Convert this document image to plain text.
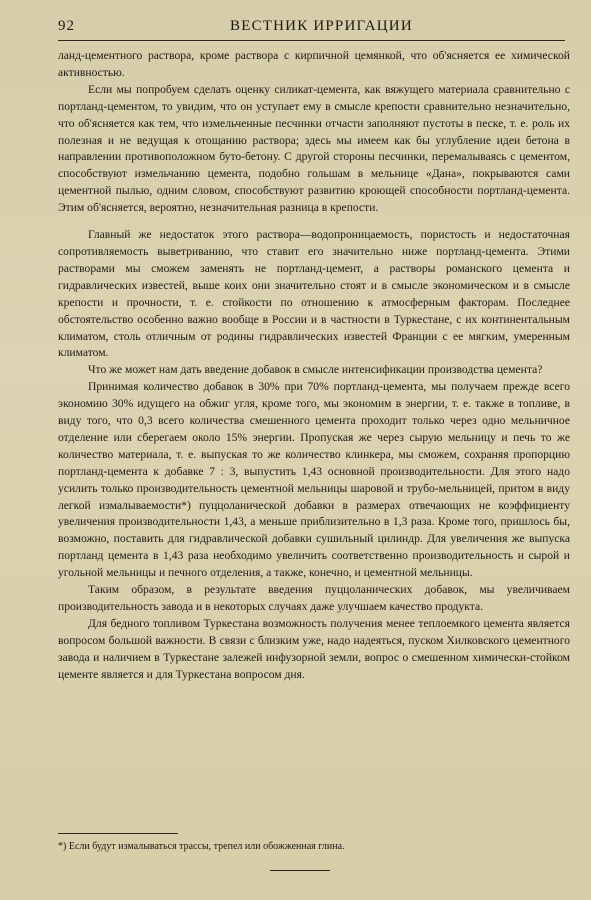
92	ВЕСТНИК ИРРИГАЦИИ

ланд-цементного раствора, кроме раствора с кирпичной цемянкой, что об'ясняется ее химической активностью.

Если мы попробуем сделать оценку силикат-цемента, как вяжущего материала сравнительно с портланд-цементом, то увидим, что он уступает ему в смысле крепости сравнительно незначительно, что об'ясняется как тем, что измельченные песчинки отчасти заполняют пустоты в песке, т. е. роль их полезная и не ведущая к отощанию раствора; здесь мы имеем как бы углубление идеи бетона в направлении противоположном буто-бетону. С другой стороны песчинки, перемалываясь с цементом, способствуют измельчанию цемента, подобно гольшам в мельнице «Дана», покрываются сами цементной пылью, одним словом, способствуют развитию кроющей способности портланд-цемента. Этим об'ясняется, вероятно, незначительная разница в крепости.

Главный же недостаток этого раствора—водопроницаемость, пористость и недостаточная сопротивляемость выветриванию, что ставит его значительно ниже портланд-цемента. Этими растворами мы сможем заменять не портланд-цемент, а растворы романского цемента и гидравлических известей, выше коих они значительно стоят и в смысле экономическом и в смысле крепости и прочности, т. е. стойкости по отношению к атмосферным факторам. Последнее обстоятельство особенно важно вообще в России и в частности в Туркестане, с их континентальным климатом, столь отличным от родины гидравлических известей Франции с ее мягким, умеренным климатом.

Что же может нам дать введение добавок в смысле интенсификации производства цемента?

Принимая количество добавок в 30% при 70% портланд-цемента, мы получаем прежде всего экономию 30% идущего на обжиг угля, кроме того, мы экономим в энергии, т. е. также в топливе, в виду того, что 0,3 всего количества смешенного цемента проходит только через одно мельничное отделение или сберегаем около 15% энергии. Пропуская же через сырую мельницу и печь то же количество материала, т. е. выпуская то же количество клинкера, мы сможем, сохраняя пропорцию портланд-цемента к добавке 7 : 3, выпустить 1,43 основной производительности. Для этого надо усилить только производительность цементной мельницы шаровой и трубо-мельницей, притом в виду легкой измалываемости*) пуццоланической добавки в размерах отвечающих не коэффициенту увеличения производительности 1,43, а меньше приблизительно в 1,3 раза. Кроме того, пришлось бы, возможно, поставить для гидравлической добавки сушильный цилиндр. Для увеличения же выпуска портланд цемента в 1,43 раза необходимо увеличить соответственно производительность и сырой и угольной мельницы и печного отделения, а также, конечно, и цементной мельницы.

Таким образом, в результате введения пуццоланических добавок, мы увеличиваем производительность завода и в некоторых случаях даже улучшаем качество продукта.

Для бедного топливом Туркестана возможность получения менее теплоемкого цемента является вопросом большой важности. В связи с близким уже, надо надеяться, пуском Хилковского цементного завода и наличием в Туркестане залежей инфузорной земли, вопрос о смешенном химически-стойком цементе является и для Туркестана вопросом дня.

*) Если будут измалываться трассы, трепел или обожженная глина.
